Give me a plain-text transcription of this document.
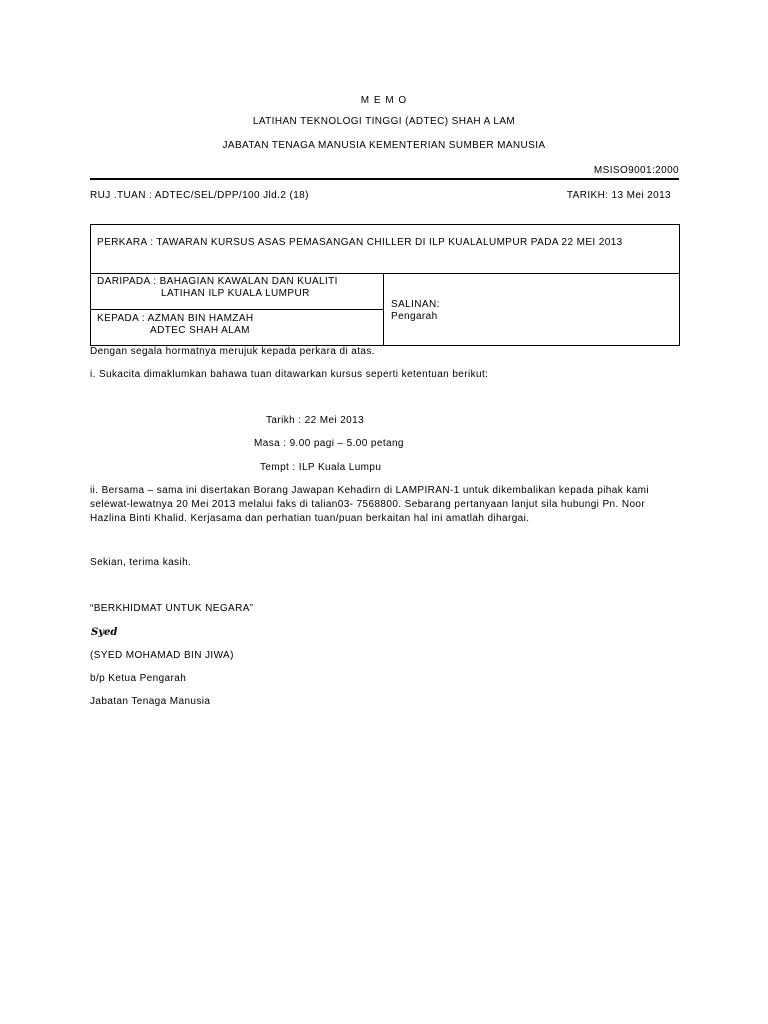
M E M O
LATIHAN TEKNOLOGI TINGGI (ADTEC) SHAH A LAM
JABATAN TENAGA MANUSIA KEMENTERIAN SUMBER MANUSIA
MSISO9001:2000
RUJ .TUAN : ADTEC/SEL/DPP/100 Jld.2 (18)	TARIKH: 13 Mei 2013
PERKARA : TAWARAN KURSUS ASAS PEMASANGAN CHILLER DI ILP KUALALUMPUR PADA 22 MEI 2013
DARIPADA : BAHAGIAN KAWALAN DAN KUALITI
LATIHAN ILP KUALA LUMPUR
KEPADA : AZMAN BIN HAMZAH
ADTEC SHAH ALAM
SALINAN:
Pengarah
Dengan segala hormatnya merujuk kepada perkara di atas.
i. Sukacita dimaklumkan bahawa tuan ditawarkan kursus seperti ketentuan berikut:
Tarikh : 22 Mei 2013
Masa : 9.00 pagi – 5.00 petang
Tempt : ILP Kuala Lumpu
ii. Bersama – sama ini disertakan Borang Jawapan Kehadirn di LAMPIRAN-1 untuk dikembalikan kepada pihak kami selewat-lewatnya 20 Mei 2013 melalui faks di talian03- 7568800. Sebarang pertanyaan lanjut sila hubungi Pn. Noor Hazlina Binti Khalid. Kerjasama dan perhatian tuan/puan berkaitan hal ini amatlah dihargai.
Sekian, terima kasih.
“BERKHIDMAT UNTUK NEGARA”
Syed
(SYED MOHAMAD BIN JIWA)
b/p Ketua Pengarah
Jabatan Tenaga Manusia
